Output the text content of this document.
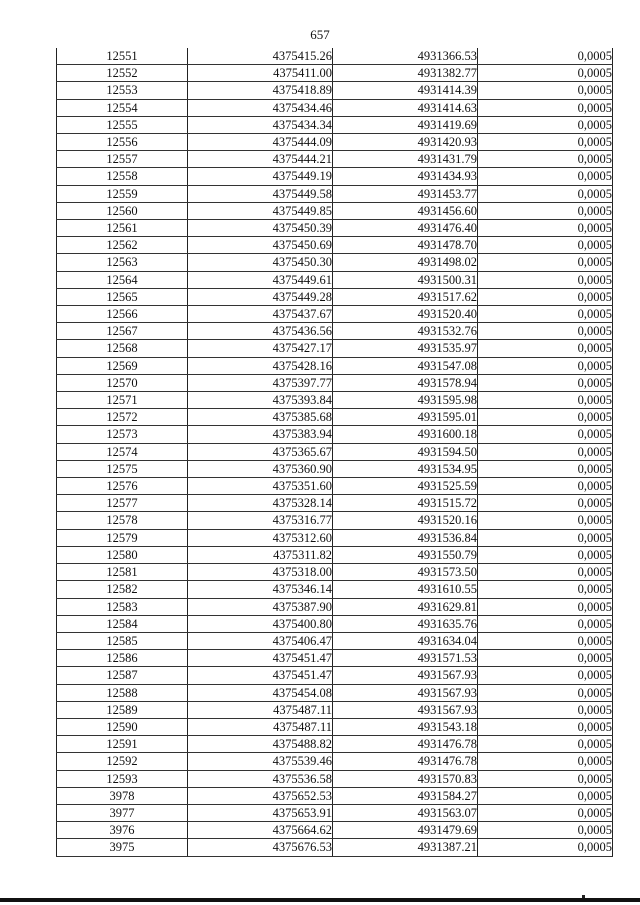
657
12551	4375415.26	4931366.53	0,0005
12552	4375411.00	4931382.77	0,0005
12553	4375418.89	4931414.39	0,0005
12554	4375434.46	4931414.63	0,0005
12555	4375434.34	4931419.69	0,0005
12556	4375444.09	4931420.93	0,0005
12557	4375444.21	4931431.79	0,0005
12558	4375449.19	4931434.93	0,0005
12559	4375449.58	4931453.77	0,0005
12560	4375449.85	4931456.60	0,0005
12561	4375450.39	4931476.40	0,0005
12562	4375450.69	4931478.70	0,0005
12563	4375450.30	4931498.02	0,0005
12564	4375449.61	4931500.31	0,0005
12565	4375449.28	4931517.62	0,0005
12566	4375437.67	4931520.40	0,0005
12567	4375436.56	4931532.76	0,0005
12568	4375427.17	4931535.97	0,0005
12569	4375428.16	4931547.08	0,0005
12570	4375397.77	4931578.94	0,0005
12571	4375393.84	4931595.98	0,0005
12572	4375385.68	4931595.01	0,0005
12573	4375383.94	4931600.18	0,0005
12574	4375365.67	4931594.50	0,0005
12575	4375360.90	4931534.95	0,0005
12576	4375351.60	4931525.59	0,0005
12577	4375328.14	4931515.72	0,0005
12578	4375316.77	4931520.16	0,0005
12579	4375312.60	4931536.84	0,0005
12580	4375311.82	4931550.79	0,0005
12581	4375318.00	4931573.50	0,0005
12582	4375346.14	4931610.55	0,0005
12583	4375387.90	4931629.81	0,0005
12584	4375400.80	4931635.76	0,0005
12585	4375406.47	4931634.04	0,0005
12586	4375451.47	4931571.53	0,0005
12587	4375451.47	4931567.93	0,0005
12588	4375454.08	4931567.93	0,0005
12589	4375487.11	4931567.93	0,0005
12590	4375487.11	4931543.18	0,0005
12591	4375488.82	4931476.78	0,0005
12592	4375539.46	4931476.78	0,0005
12593	4375536.58	4931570.83	0,0005
3978	4375652.53	4931584.27	0,0005
3977	4375653.91	4931563.07	0,0005
3976	4375664.62	4931479.69	0,0005
3975	4375676.53	4931387.21	0,0005
